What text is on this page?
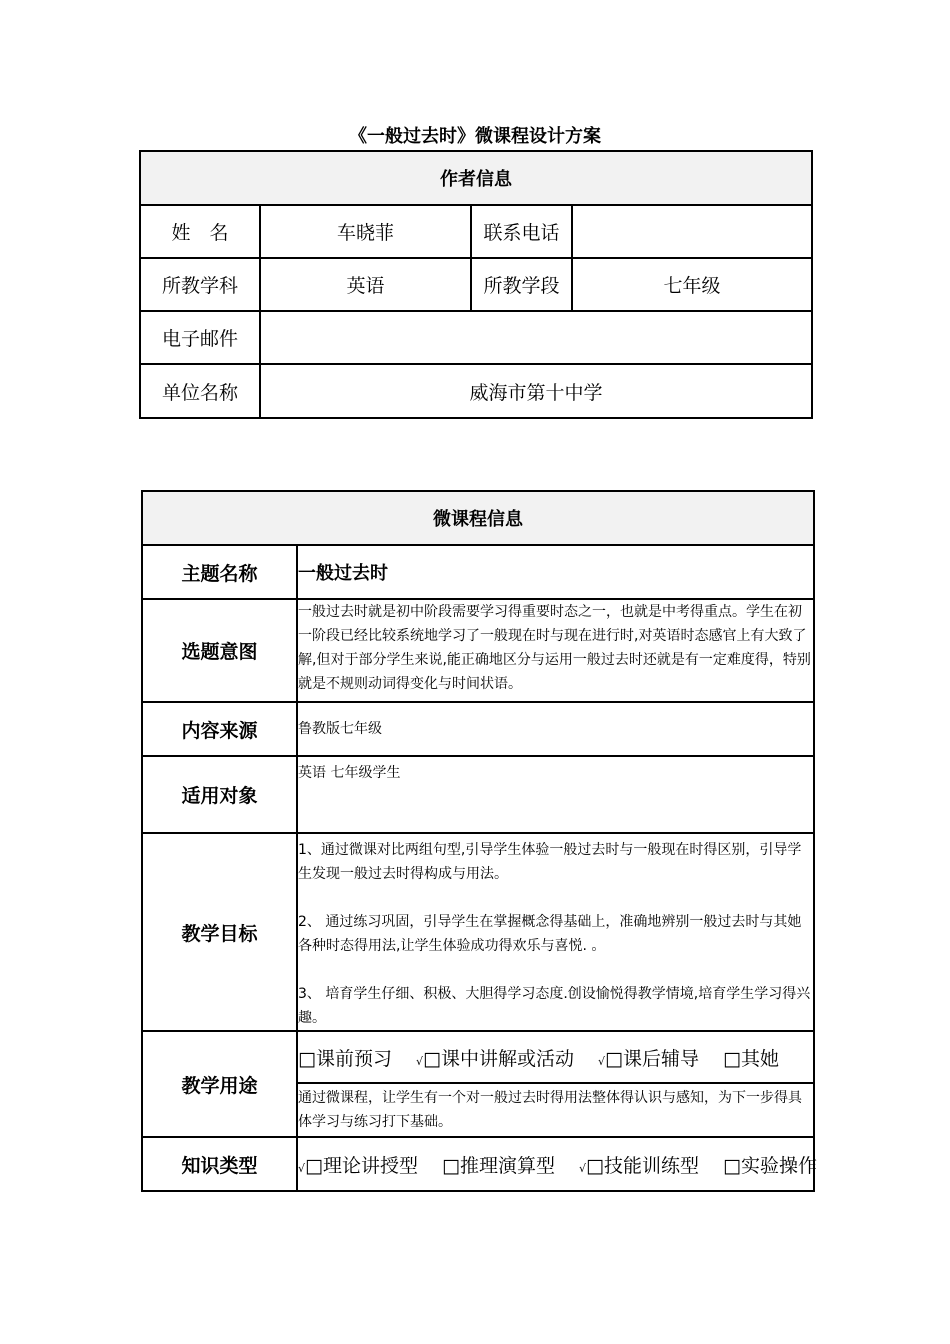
《一般过去时》微课程设计方案
作者信息			
姓　名	车晓菲	联系电话	
所教学科	英语	所教学段	七年级
电子邮件			
单位名称	威海市第十中学		
微课程信息	
主题名称	一般过去时
选题意图	一般过去时就是初中阶段需要学习得重要时态之一，也就是中考得重点。学生在初一阶段已经比较系统地学习了一般现在时与现在进行时,对英语时态感官上有大致了解,但对于部分学生来说,能正确地区分与运用一般过去时还就是有一定难度得，特别就是不规则动词得变化与时间状语。
内容来源	鲁教版七年级
适用对象	英语 七年级学生
教学目标	1、通过微课对比两组句型,引导学生体验一般过去时与一般现在时得区别，引导学生发现一般过去时得构成与用法。

2、 通过练习巩固，引导学生在掌握概念得基础上，准确地辨别一般过去时与其她各种时态得用法,让学生体验成功得欢乐与喜悦. 。

3、 培育学生仔细、积极、大胆得学习态度.创设愉悦得教学情境,培育学生学习得兴趣。

教学用途	□课前预习 √□课中讲解或活动 √□课后辅导 □其她
	通过微课程，让学生有一个对一般过去时得用法整体得认识与感知，为下一步得具体学习与练习打下基础。
知识类型	√□理论讲授型 □推理演算型 √□技能训练型 □实验操作
